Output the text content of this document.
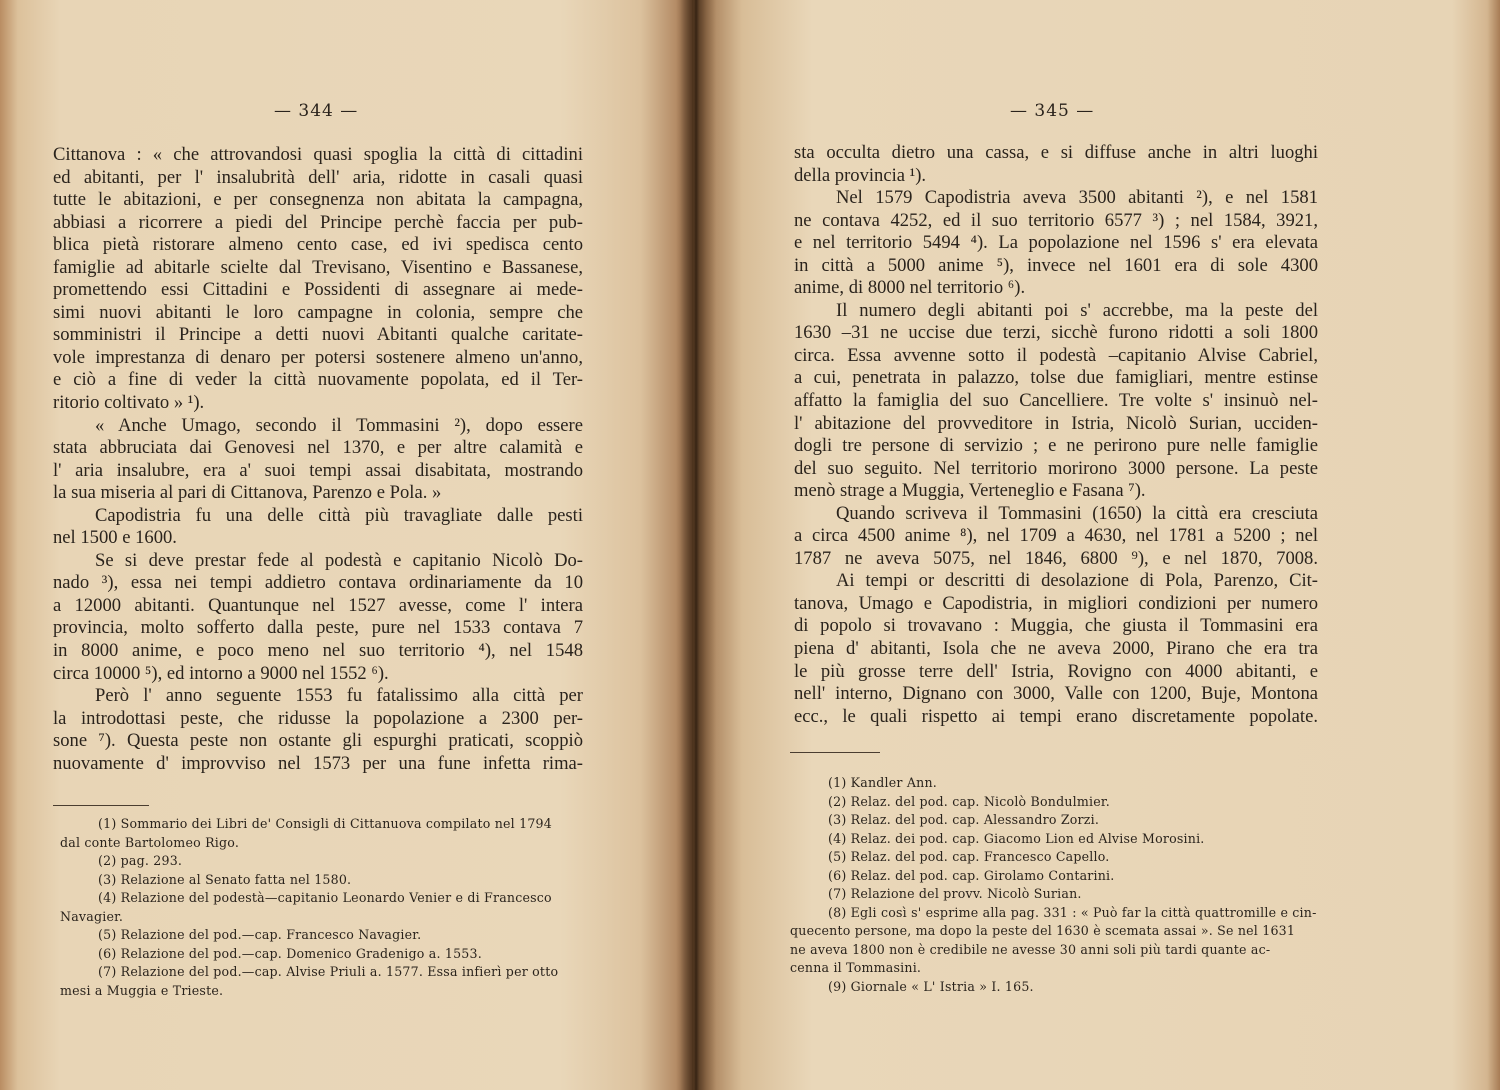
— 344 —
Cittanova : « che attrovandosi quasi spoglia la città di cittadini
ed abitanti, per l' insalubrità dell' aria, ridotte in casali quasi
tutte le abitazioni, e per consegnenza non abitata la campagna,
abbiasi a ricorrere a piedi del Principe perchè faccia per pub-
blica pietà ristorare almeno cento case, ed ivi spedisca cento
famiglie ad abitarle scielte dal Trevisano, Visentino e Bassanese,
promettendo essi Cittadini e Possidenti di assegnare ai mede-
simi nuovi abitanti le loro campagne in colonia, sempre che
somministri il Principe a detti nuovi Abitanti qualche caritate-
vole imprestanza di denaro per potersi sostenere almeno un'anno,
e ciò a fine di veder la città nuovamente popolata, ed il Ter-
ritorio coltivato » ¹).
« Anche Umago, secondo il Tommasini ²), dopo essere
stata abbruciata dai Genovesi nel 1370, e per altre calamità e
l' aria insalubre, era a' suoi tempi assai disabitata, mostrando
la sua miseria al pari di Cittanova, Parenzo e Pola. »
Capodistria fu una delle città più travagliate dalle pesti
nel 1500 e 1600.
Se si deve prestar fede al podestà e capitanio Nicolò Do-
nado ³), essa nei tempi addietro contava ordinariamente da 10
a 12000 abitanti. Quantunque nel 1527 avesse, come l' intera
provincia, molto sofferto dalla peste, pure nel 1533 contava 7
in 8000 anime, e poco meno nel suo territorio ⁴), nel 1548
circa 10000 ⁵), ed intorno a 9000 nel 1552 ⁶).
Però l' anno seguente 1553 fu fatalissimo alla città per
la introdottasi peste, che ridusse la popolazione a 2300 per-
sone ⁷). Questa peste non ostante gli espurghi praticati, scoppiò
nuovamente d' improvviso nel 1573 per una fune infetta rima-
(1) Sommario dei Libri de' Consigli di Cittanuova compilato nel 1794
dal conte Bartolomeo Rigo.
(2) pag. 293.
(3) Relazione al Senato fatta nel 1580.
(4) Relazione del podestà—capitanio Leonardo Venier e di Francesco
Navagier.
(5) Relazione del pod.—cap. Francesco Navagier.
(6) Relazione del pod.—cap. Domenico Gradenigo a. 1553.
(7) Relazione del pod.—cap. Alvise Priuli a. 1577. Essa infierì per otto
mesi a Muggia e Trieste.
— 345 —
sta occulta dietro una cassa, e si diffuse anche in altri luoghi
della provincia ¹).
Nel 1579 Capodistria aveva 3500 abitanti ²), e nel 1581
ne contava 4252, ed il suo territorio 6577 ³) ; nel 1584, 3921,
e nel territorio 5494 ⁴). La popolazione nel 1596 s' era elevata
in città a 5000 anime ⁵), invece nel 1601 era di sole 4300
anime, di 8000 nel territorio ⁶).
Il numero degli abitanti poi s' accrebbe, ma la peste del
1630 –31 ne uccise due terzi, sicchè furono ridotti a soli 1800
circa. Essa avvenne sotto il podestà –capitanio Alvise Cabriel,
a cui, penetrata in palazzo, tolse due famigliari, mentre estinse
affatto la famiglia del suo Cancelliere. Tre volte s' insinuò nel-
l' abitazione del provveditore in Istria, Nicolò Surian, ucciden-
dogli tre persone di servizio ; e ne perirono pure nelle famiglie
del suo seguito. Nel territorio morirono 3000 persone. La peste
menò strage a Muggia, Verteneglio e Fasana ⁷).
Quando scriveva il Tommasini (1650) la città era cresciuta
a circa 4500 anime ⁸), nel 1709 a 4630, nel 1781 a 5200 ; nel
1787 ne aveva 5075, nel 1846, 6800 ⁹), e nel 1870, 7008.
Ai tempi or descritti di desolazione di Pola, Parenzo, Cit-
tanova, Umago e Capodistria, in migliori condizioni per numero
di popolo si trovavano : Muggia, che giusta il Tommasini era
piena d' abitanti, Isola che ne aveva 2000, Pirano che era tra
le più grosse terre dell' Istria, Rovigno con 4000 abitanti, e
nell' interno, Dignano con 3000, Valle con 1200, Buje, Montona
ecc., le quali rispetto ai tempi erano discretamente popolate.
(1) Kandler Ann.
(2) Relaz. del pod. cap. Nicolò Bondulmier.
(3) Relaz. del pod. cap. Alessandro Zorzi.
(4) Relaz. dei pod. cap. Giacomo Lion ed Alvise Morosini.
(5) Relaz. del pod. cap. Francesco Capello.
(6) Relaz. del pod. cap. Girolamo Contarini.
(7) Relazione del provv. Nicolò Surian.
(8) Egli così s' esprime alla pag. 331 : « Può far la città quattromille e cin-
quecento persone, ma dopo la peste del 1630 è scemata assai ». Se nel 1631
ne aveva 1800 non è credibile ne avesse 30 anni soli più tardi quante ac-
cenna il Tommasini.
(9) Giornale « L' Istria » I. 165.
